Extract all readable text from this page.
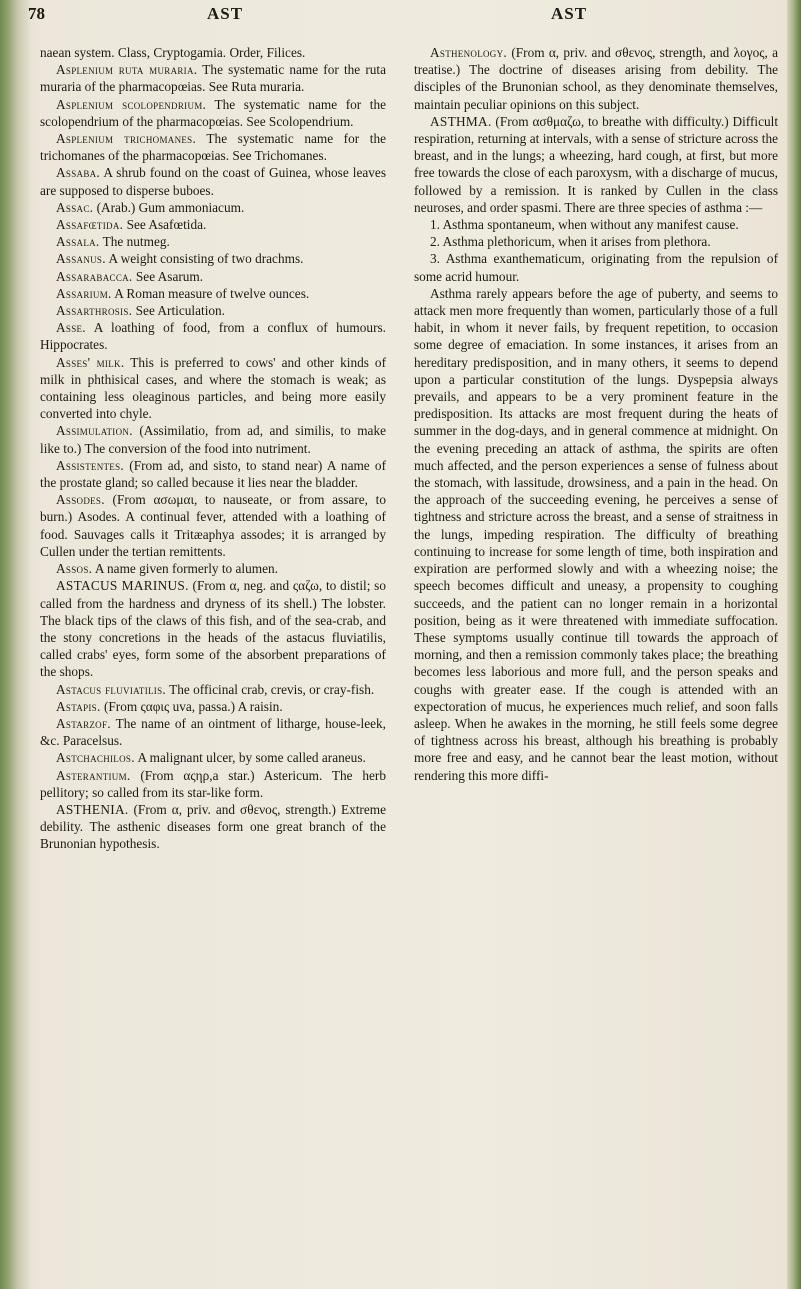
78	AST	AST

naean system. Class, Cryptogamia. Order, Filices.

Asplenium ruta muraria. The systematic name for the ruta muraria of the pharmacopœias. See Ruta muraria.

Asplenium scolopendrium. The systematic name for the scolopendrium of the pharmacopœias. See Scolopendrium.

Asplenium trichomanes. The systematic name for the trichomanes of the pharmacopœias. See Trichomanes.

Assaba. A shrub found on the coast of Guinea, whose leaves are supposed to disperse buboes.

Assac. (Arab.) Gum ammoniacum.

Assafœtida. See Asafœtida.

Assala. The nutmeg.

Assanus. A weight consisting of two drachms.

Assarabacca. See Asarum.

Assarium. A Roman measure of twelve ounces.

Assarthrosis. See Articulation.

Asse. A loathing of food, from a conflux of humours. Hippocrates.

Asses' milk. This is preferred to cows' and other kinds of milk in phthisical cases, and where the stomach is weak; as containing less oleaginous particles, and being more easily converted into chyle.

Assimulation. (Assimilatio, from ad, and similis, to make like to.) The conversion of the food into nutriment.

Assistentes. (From ad, and sisto, to stand near) A name of the prostate gland; so called because it lies near the bladder.

Assodes. (From ασωμαι, to nauseate, or from assare, to burn.) Asodes. A continual fever, attended with a loathing of food. Sauvages calls it Tritæaphya assodes; it is arranged by Cullen under the tertian remittents.

Assos. A name given formerly to alumen.

ASTACUS MARINUS. (From α, neg. and ςαζω, to distil; so called from the hardness and dryness of its shell.) The lobster. The black tips of the claws of this fish, and of the sea-crab, and the stony concretions in the heads of the astacus fluviatilis, called crabs' eyes, form some of the absorbent preparations of the shops.

Astacus fluviatilis. The officinal crab, crevis, or cray-fish.

Astapis. (From ςαφις uva, passa.) A raisin.

Astarzof. The name of an ointment of litharge, house-leek, &c. Paracelsus.

Astchachilos. A malignant ulcer, by some called araneus.

Asterantium. (From αςηρ,a star.) Astericum. The herb pellitory; so called from its star-like form.

ASTHENIA. (From α, priv. and σθενος, strength.) Extreme debility. The asthenic diseases form one great branch of the Brunonian hypothesis.

Asthenology. (From α, priv. and σθενος, strength, and λογος, a treatise.) The doctrine of diseases arising from debility. The disciples of the Brunonian school, as they denominate themselves, maintain peculiar opinions on this subject.

ASTHMA. (From ασθμαζω, to breathe with difficulty.) Difficult respiration, returning at intervals, with a sense of stricture across the breast, and in the lungs; a wheezing, hard cough, at first, but more free towards the close of each paroxysm, with a discharge of mucus, followed by a remission. It is ranked by Cullen in the class neuroses, and order spasmi. There are three species of asthma :—

1. Asthma spontaneum, when without any manifest cause.

2. Asthma plethoricum, when it arises from plethora.

3. Asthma exanthematicum, originating from the repulsion of some acrid humour.

Asthma rarely appears before the age of puberty, and seems to attack men more frequently than women, particularly those of a full habit, in whom it never fails, by frequent repetition, to occasion some degree of emaciation. In some instances, it arises from an hereditary predisposition, and in many others, it seems to depend upon a particular constitution of the lungs. Dyspepsia always prevails, and appears to be a very prominent feature in the predisposition. Its attacks are most frequent during the heats of summer in the dog-days, and in general commence at midnight. On the evening preceding an attack of asthma, the spirits are often much affected, and the person experiences a sense of fulness about the stomach, with lassitude, drowsiness, and a pain in the head. On the approach of the succeeding evening, he perceives a sense of tightness and stricture across the breast, and a sense of straitness in the lungs, impeding respiration. The difficulty of breathing continuing to increase for some length of time, both inspiration and expiration are performed slowly and with a wheezing noise; the speech becomes difficult and uneasy, a propensity to coughing succeeds, and the patient can no longer remain in a horizontal position, being as it were threatened with immediate suffocation. These symptoms usually continue till towards the approach of morning, and then a remission commonly takes place; the breathing becomes less laborious and more full, and the person speaks and coughs with greater ease. If the cough is attended with an expectoration of mucus, he experiences much relief, and soon falls asleep. When he awakes in the morning, he still feels some degree of tightness across his breast, although his breathing is probably more free and easy, and he cannot bear the least motion, without rendering this more diffi-
